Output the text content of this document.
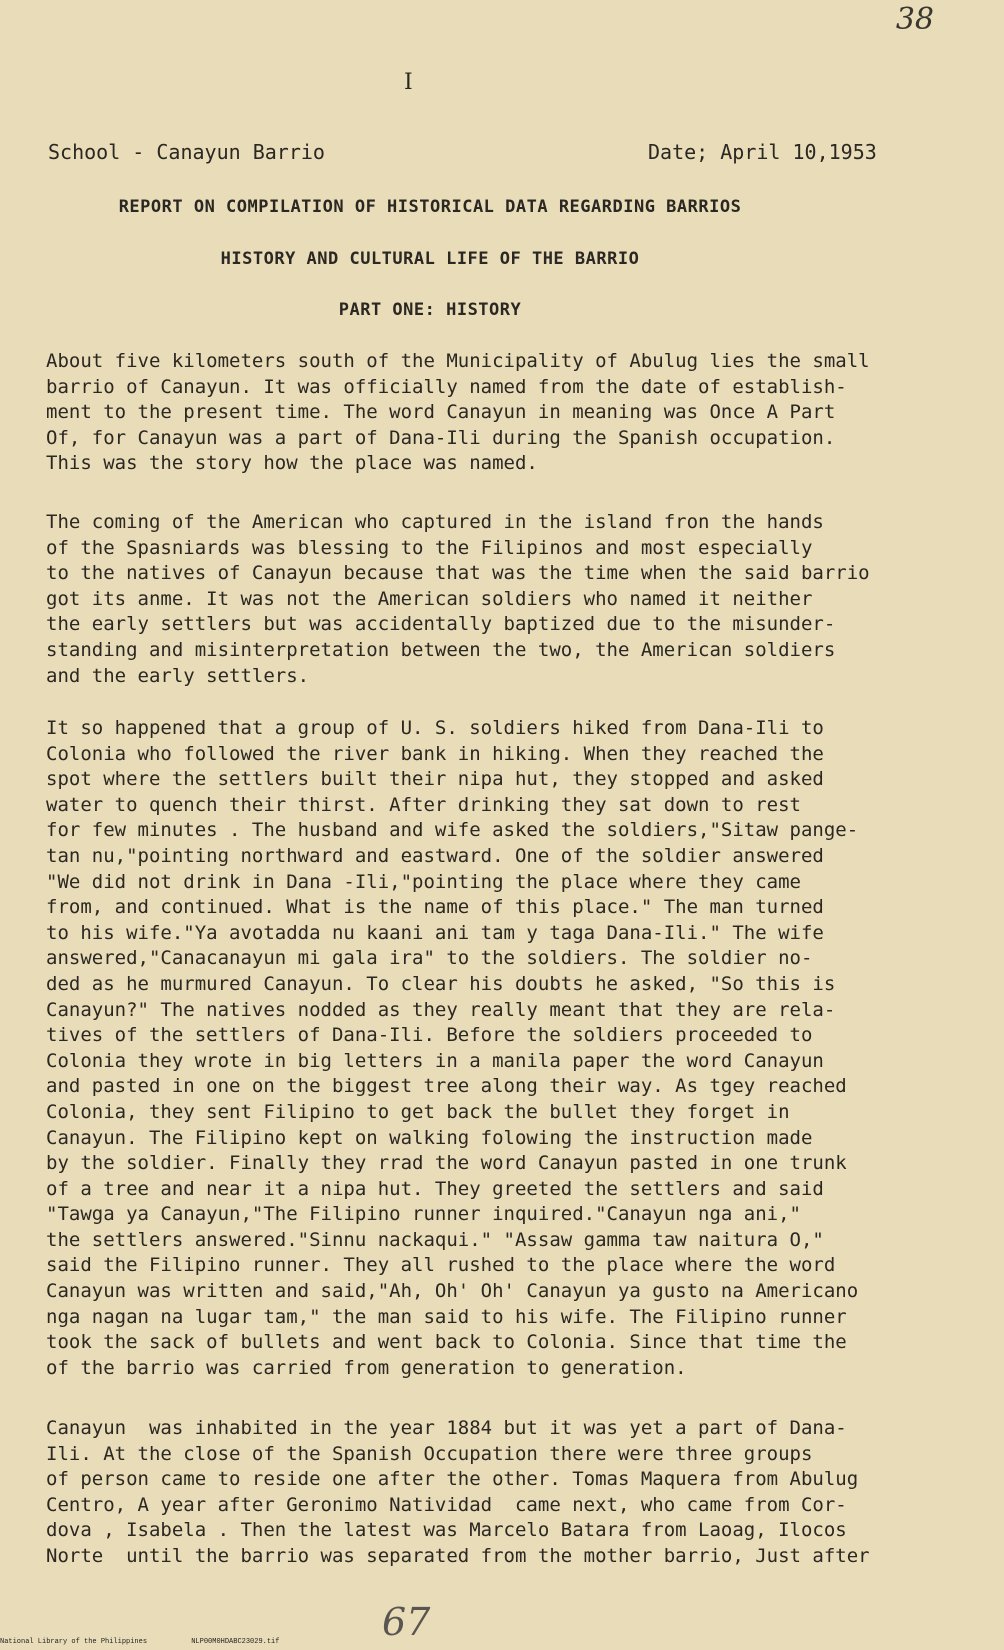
38
I
School - Canayun Barrio	Date; April 10,1953
REPORT ON COMPILATION OF HISTORICAL DATA REGARDING BARRIOS
HISTORY AND CULTURAL LIFE OF THE BARRIO
PART ONE: HISTORY

About five kilometers south of the Municipality of Abulug lies the small
barrio of Canayun. It was officially named from the date of establish-
ment to the present time. The word Canayun in meaning was Once A Part
Of, for Canayun was a part of Dana-Ili during the Spanish occupation.
This was the story how the place was named.

The coming of the American who captured in the island fron the hands
of the Spasniards was blessing to the Filipinos and most especially
to the natives of Canayun because that was the time when the said barrio
got its anme. It was not the American soldiers who named it neither
the early settlers but was accidentally baptized due to the misunder-
standing and misinterpretation between the two, the American soldiers
and the early settlers.

It so happened that a group of U. S. soldiers hiked from Dana-Ili to
Colonia who followed the river bank in hiking. When they reached the
spot where the settlers built their nipa hut, they stopped and asked
water to quench their thirst. After drinking they sat down to rest
for few minutes . The husband and wife asked the soldiers,"Sitaw pange-
tan nu,"pointing northward and eastward. One of the soldier answered
"We did not drink in Dana -Ili,"pointing the place where they came
from, and continued. What is the name of this place." The man turned
to his wife."Ya avotadda nu kaani ani tam y taga Dana-Ili." The wife
answered,"Canacanayun mi gala ira" to the soldiers. The soldier no-
ded as he murmured Canayun. To clear his doubts he asked, "So this is
Canayun?" The natives nodded as they really meant that they are rela-
tives of the settlers of Dana-Ili. Before the soldiers proceeded to
Colonia they wrote in big letters in a manila paper the word Canayun
and pasted in one on the biggest tree along their way. As tgey reached
Colonia, they sent Filipino to get back the bullet they forget in
Canayun. The Filipino kept on walking folowing the instruction made
by the soldier. Finally they rrad the word Canayun pasted in one trunk
of a tree and near it a nipa hut. They greeted the settlers and said
"Tawga ya Canayun,"The Filipino runner inquired."Canayun nga ani,"
the settlers answered."Sinnu nackaqui." "Assaw gamma taw naitura O,"
said the Filipino runner. They all rushed to the place where the word
Canayun was written and said,"Ah, Oh' Oh' Canayun ya gusto na Americano
nga nagan na lugar tam," the man said to his wife. The Filipino runner
took the sack of bullets and went back to Colonia. Since that time the
of the barrio was carried from generation to generation.

Canayun  was inhabited in the year 1884 but it was yet a part of Dana-
Ili. At the close of the Spanish Occupation there were three groups
of person came to reside one after the other. Tomas Maquera from Abulug
Centro, A year after Geronimo Natividad  came next, who came from Cor-
dova , Isabela . Then the latest was Marcelo Batara from Laoag, Ilocos
Norte  until the barrio was separated from the mother barrio, Just after

67
National Library of the Philippines	NLP00M0HDABC23029.tif
